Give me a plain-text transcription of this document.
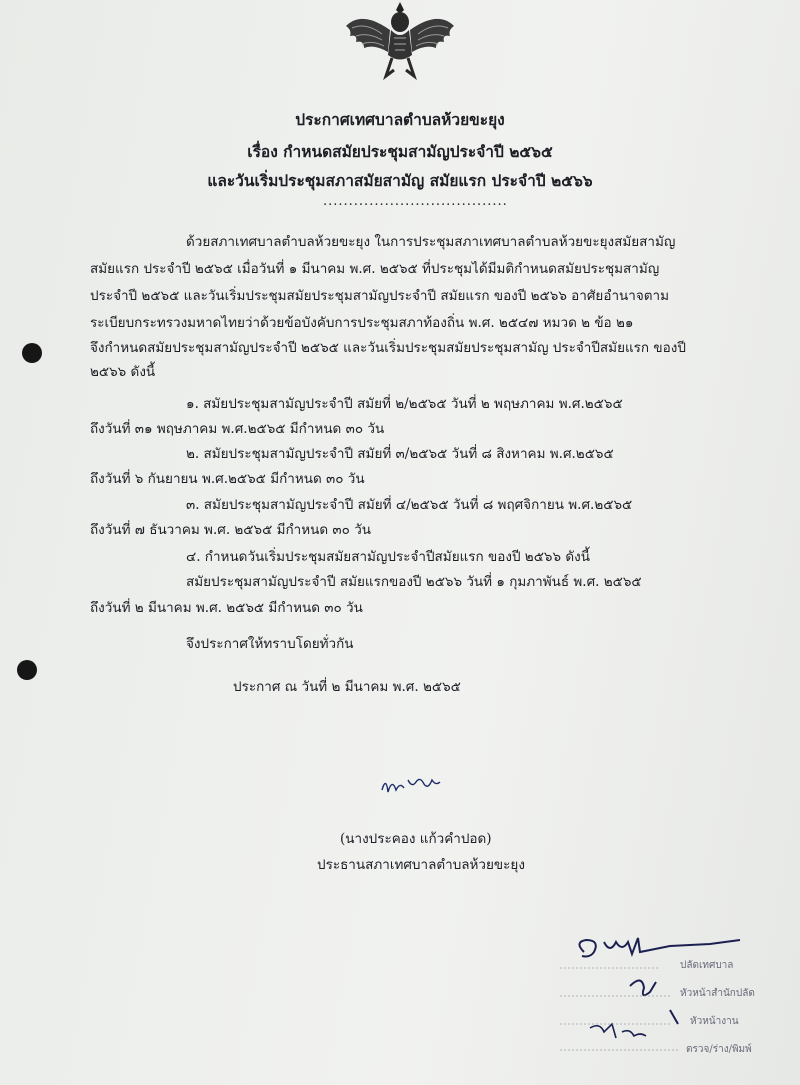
ประกาศเทศบาลตำบลห้วยขะยุง
เรื่อง กำหนดสมัยประชุมสามัญประจำปี ๒๕๖๕
และวันเริ่มประชุมสภาสมัยสามัญ สมัยแรก ประจำปี ๒๕๖๖
....................................
ด้วยสภาเทศบาลตำบลห้วยขะยุง ในการประชุมสภาเทศบาลตำบลห้วยขะยุงสมัยสามัญ
สมัยแรก ประจำปี ๒๕๖๕ เมื่อวันที่ ๑ มีนาคม พ.ศ. ๒๕๖๕ ที่ประชุมได้มีมติกำหนดสมัยประชุมสามัญ
ประจำปี ๒๕๖๕ และวันเริ่มประชุมสมัยประชุมสามัญประจำปี สมัยแรก ของปี ๒๕๖๖ อาศัยอำนาจตาม
ระเบียบกระทรวงมหาดไทยว่าด้วยข้อบังคับการประชุมสภาท้องถิ่น พ.ศ. ๒๕๔๗ หมวด ๒ ข้อ ๒๑
จึงกำหนดสมัยประชุมสามัญประจำปี ๒๕๖๕ และวันเริ่มประชุมสมัยประชุมสามัญ ประจำปีสมัยแรก ของปี
๒๕๖๖ ดังนี้
๑. สมัยประชุมสามัญประจำปี สมัยที่ ๒/๒๕๖๕ วันที่ ๒ พฤษภาคม พ.ศ.๒๕๖๕
ถึงวันที่ ๓๑ พฤษภาคม พ.ศ.๒๕๖๕ มีกำหนด ๓๐ วัน
๒. สมัยประชุมสามัญประจำปี สมัยที่ ๓/๒๕๖๕ วันที่ ๘ สิงหาคม พ.ศ.๒๕๖๕
ถึงวันที่ ๖ กันยายน พ.ศ.๒๕๖๕ มีกำหนด ๓๐ วัน
๓. สมัยประชุมสามัญประจำปี สมัยที่ ๔/๒๕๖๕ วันที่ ๘ พฤศจิกายน พ.ศ.๒๕๖๕
ถึงวันที่ ๗ ธันวาคม พ.ศ. ๒๕๖๕ มีกำหนด ๓๐ วัน
๔. กำหนดวันเริ่มประชุมสมัยสามัญประจำปีสมัยแรก ของปี ๒๕๖๖ ดังนี้
สมัยประชุมสามัญประจำปี สมัยแรกของปี ๒๕๖๖ วันที่ ๑ กุมภาพันธ์ พ.ศ. ๒๕๖๕
ถึงวันที่ ๒ มีนาคม พ.ศ. ๒๕๖๕ มีกำหนด ๓๐ วัน
จึงประกาศให้ทราบโดยทั่วกัน
ประกาศ ณ วันที่ ๒ มีนาคม พ.ศ. ๒๕๖๕
(นางประคอง แก้วคำปอด)
ประธานสภาเทศบาลตำบลห้วยขะยุง
ปลัดเทศบาล
หัวหน้าสำนักปลัด
หัวหน้างาน
ตรวจ/ร่าง/พิมพ์
